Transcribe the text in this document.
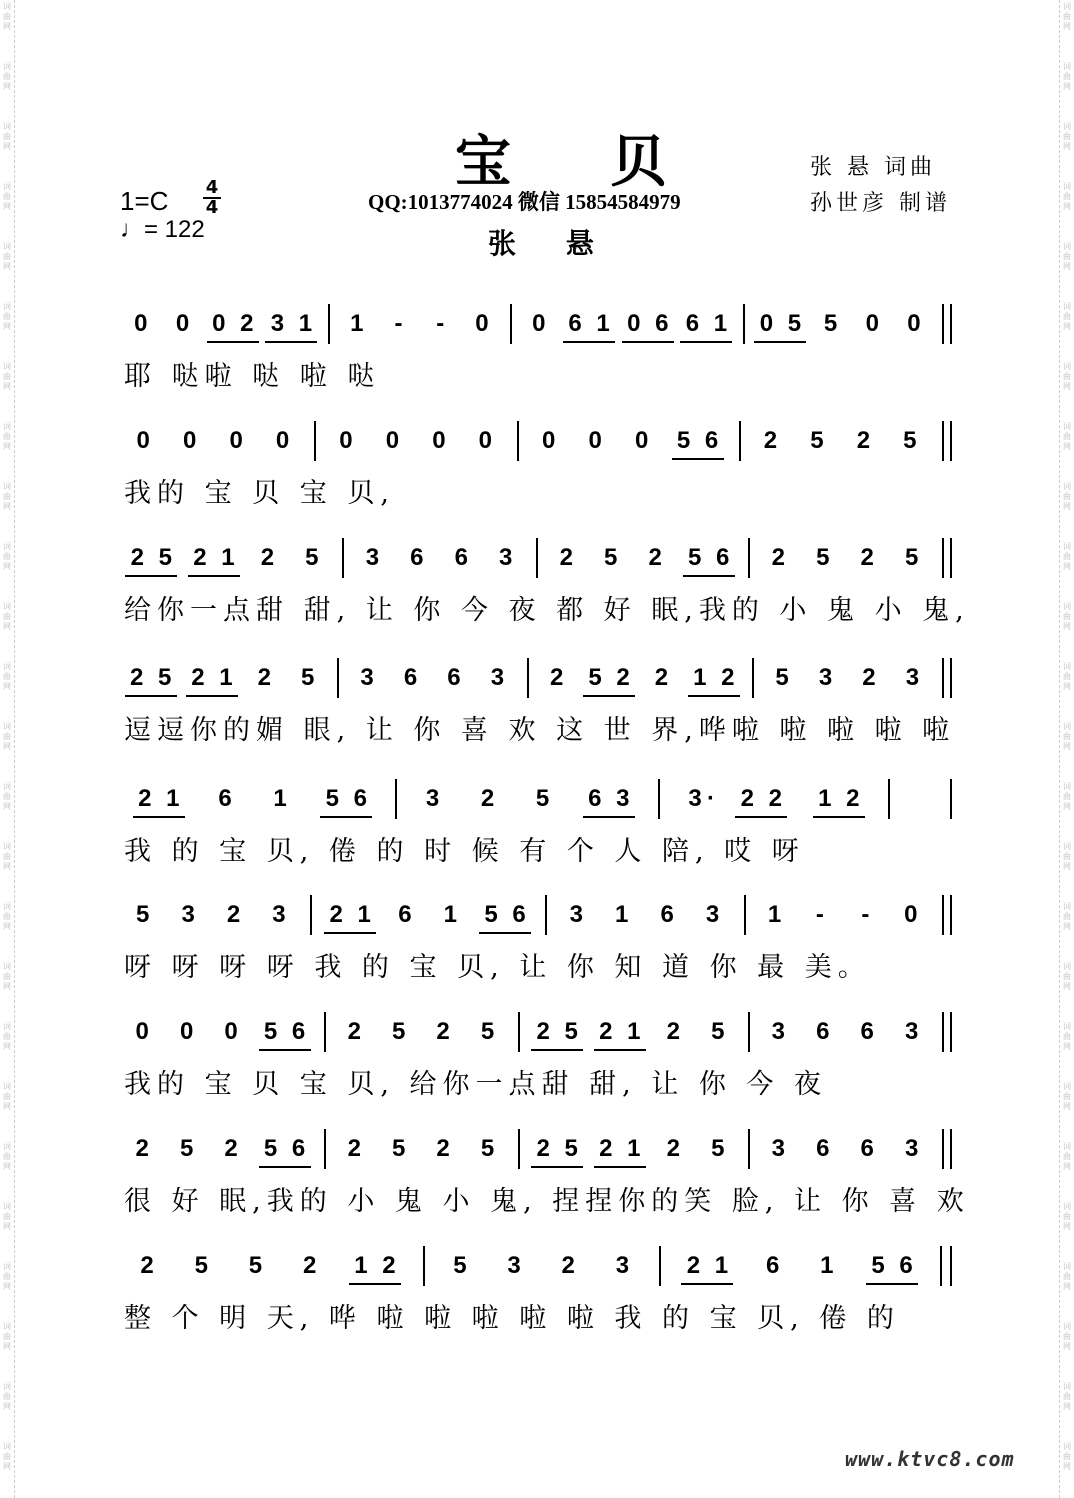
词
曲
网
词
曲
网
词
曲
网
词
曲
网
词
曲
网
词
曲
网
词
曲
网
词
曲
网
词
曲
网
词
曲
网
词
曲
网
词
曲
网
词
曲
网
词
曲
网
词
曲
网
词
曲
网
词
曲
网
词
曲
网
词
曲
网
词
曲
网
词
曲
网
词
曲
网
词
曲
网
词
曲
网
词
曲
网
词
曲
网
词
曲
网
词
曲
网
词
曲
网
词
曲
网
词
曲
网
词
曲
网
词
曲
网
词
曲
网
词
曲
网
词
曲
网
词
曲
网
词
曲
网
词
曲
网
词
曲
网
词
曲
网
词
曲
网
词
曲
网
词
曲
网
词
曲
网
词
曲
网
词
曲
网
词
曲
网
词
曲
网
词
曲
网
宝 贝
QQ:1013774024 微信 15854584979
张 悬
张 悬 词曲
孙世彦 制谱
1=C 4
4
♩= 122
0 0 0 2 3 1 1 - - 0 0 6 1 0 6 6 1 0 5 5 0 0
耶 哒啦 哒 啦 哒
0 0 0 0 0 0 0 0 0 0 0 5 6 2 5 2 5
我的 宝 贝 宝 贝,
2 5 2 1 2 5 3 6 6 3 2 5 2 5 6 2 5 2 5
给你一点甜 甜, 让 你 今 夜 都 好 眠,我的 小 鬼 小 鬼,
2 5 2 1 2 5 3 6 6 3 2 5 2 2 1 2 5 3 2 3
逗逗你的媚 眼, 让 你 喜 欢 这 世 界,哗啦 啦 啦 啦 啦
2 1 6 1 5 6 3 2 5 6 3 3 · 2 2 1 2
我 的 宝 贝, 倦 的 时 候 有 个 人 陪, 哎 呀
5 3 2 3 2 1 6 1 5 6 3 1 6 3 1 - - 0
呀 呀 呀 呀 我 的 宝 贝, 让 你 知 道 你 最 美。
0 0 0 5 6 2 5 2 5 2 5 2 1 2 5 3 6 6 3
我的 宝 贝 宝 贝, 给你一点甜 甜, 让 你 今 夜
2 5 2 5 6 2 5 2 5 2 5 2 1 2 5 3 6 6 3
很 好 眠,我的 小 鬼 小 鬼, 捏捏你的笑 脸, 让 你 喜 欢
2 5 5 2 1 2 5 3 2 3 2 1 6 1 5 6
整 个 明 天, 哗 啦 啦 啦 啦 啦 我 的 宝 贝, 倦 的
www.ktvc8.com
